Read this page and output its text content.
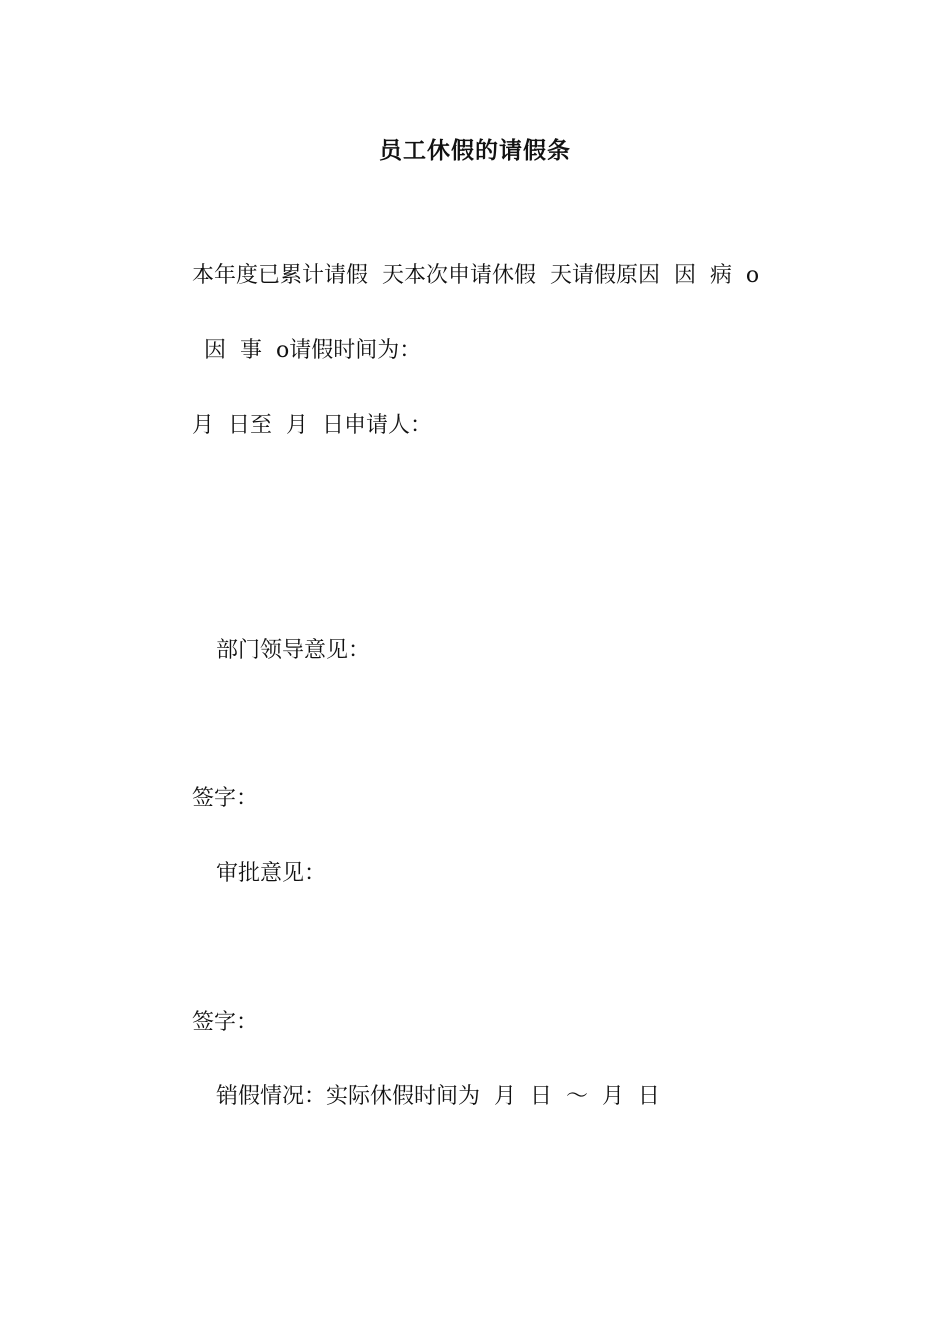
员工休假的请假条
本年度已累计请假  天本次申请休假  天请假原因  因  病  o
因  事  o请假时间为：
月  日至  月  日申请人：
部门领导意见：
签字：
审批意见：
签字：
销假情况：实际休假时间为  月  日  ～  月  日
